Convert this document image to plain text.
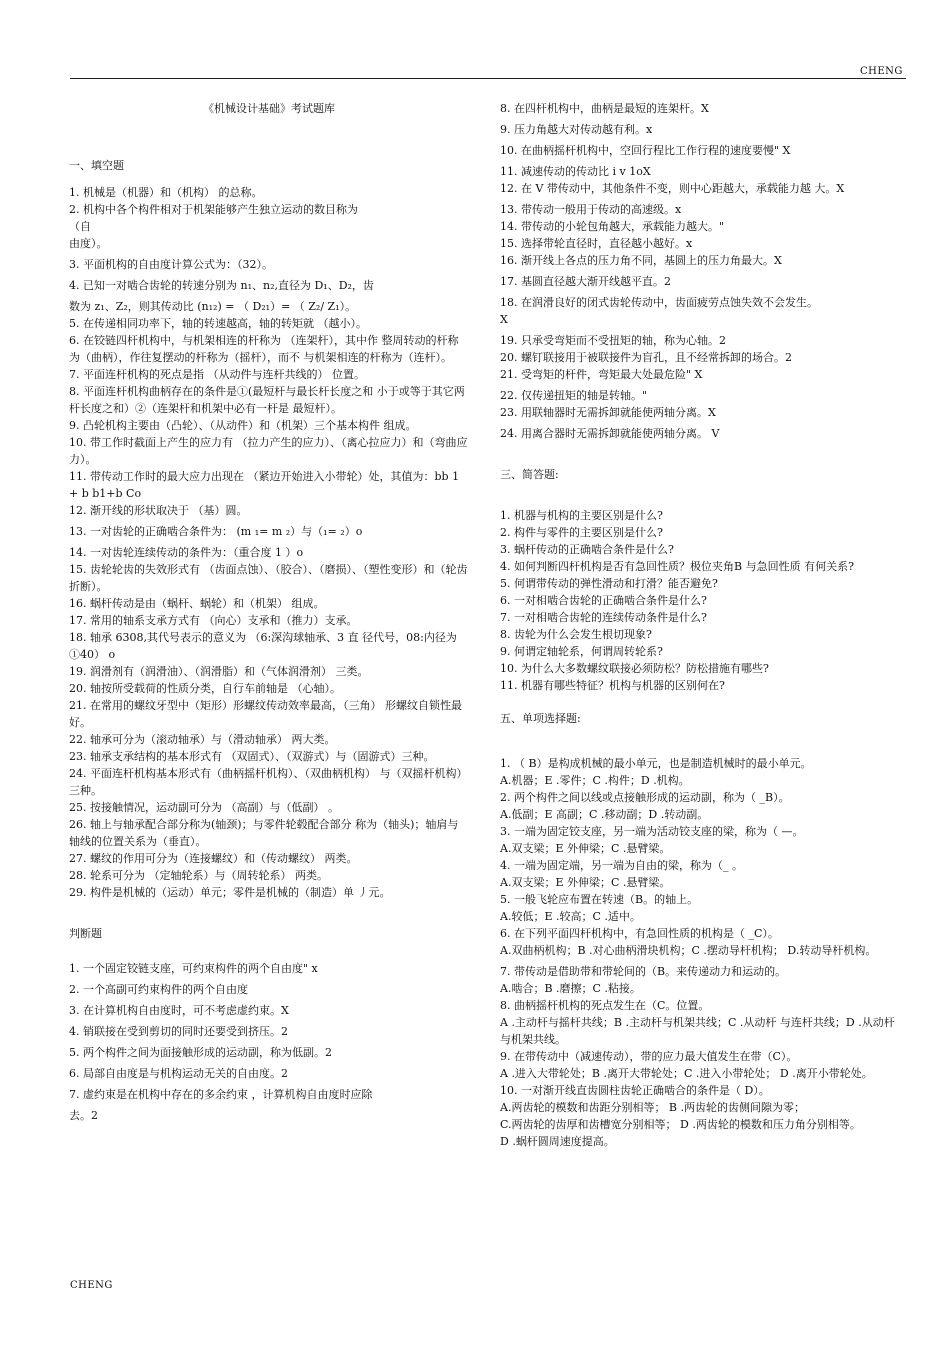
CHENG

《机械设计基础》考试题库

一、填空题

1. 机械是（机器）和（机构） 的总称。

2. 机构中各个构件相对于机架能够产生独立运动的数目称为

（自

由度）。

3. 平面机构的自由度计算公式为：（32）。

4. 已知一对啮合齿轮的转速分别为 n₁、n₂,直径为 D₁、D₂，齿

数为 z₁、Z₂，则其传动比 (n₁₂) = （ D₂₁）= （ Z₂/ Z₁）。

5. 在传递相同功率下，轴的转速越高，轴的转矩就 （越小）。

6. 在铰链四杆机构中，与机架相连的杆称为 （连架杆），其中作 整周转动的杆称为（曲柄），作往复摆动的杆称为（摇杆），而不 与机架相连的杆称为（连杆）。

7. 平面连杆机构的死点是指 （从动件与连杆共线的） 位置。

8. 平面连杆机构曲柄存在的条件是①(最短杆与最长杆长度之和 小于或等于其它两杆长度之和）②（连架杆和机架中必有一杆是 最短杆）。

9. 凸轮机构主要由（凸轮）、（从动件）和（机架）三个基本构件 组成。

10. 带工作时截面上产生的应力有 （拉力产生的应力）、（离心拉应力）和（弯曲应力）。

11. 带传动工作时的最大应力出现在 （紧边开始进入小带轮）处，其值为：bb 1 + b b1+b Co

12. 渐开线的形状取决于 （基）圆。

13. 一对齿轮的正确啮合条件为： (m ₁= m ₂）与（₁= ₂）o

14. 一对齿轮连续传动的条件为：（重合度 1 ）o

15. 齿轮轮齿的失效形式有 （齿面点蚀）、（胶合）、（磨损）、（塑性变形）和（轮齿折断）。

16. 蜗杆传动是由（蜗杆、蜗轮）和（机架） 组成。

17. 常用的轴系支承方式有 （向心）支承和（推力）支承。

18. 轴承 6308,其代号表示的意义为 （6:深沟球轴承、3 直 径代号，08:内径为 ①40） o

19. 润滑剂有（润滑油）、（润滑脂）和（气体润滑剂） 三类。

20. 轴按所受载荷的性质分类，自行车前轴是 （心轴）。

21. 在常用的螺纹牙型中（矩形）形螺纹传动效率最高，（三角） 形螺纹自锁性最好。

22. 轴承可分为（滚动轴承）与（滑动轴承） 两大类。

23. 轴承支承结构的基本形式有 （双固式）、（双游式）与（固游式）三种。

24. 平面连杆机构基本形式有（曲柄摇杆机构）、（双曲柄机构） 与（双摇杆机构）三种。

25. 按接触情况，运动副可分为 （高副）与（低副） 。

26. 轴上与轴承配合部分称为(轴颈)；与零件轮毂配合部分 称为（轴头)；轴肩与轴线的位置关系为（垂直）。

27. 螺纹的作用可分为（连接螺纹）和（传动螺纹） 两类。

28. 轮系可分为 （定轴轮系）与（周转轮系） 两类。

29. 构件是机械的（运动）单元；零件是机械的（制造）单 丿元。

判断题

1. 一个固定铰链支座，可约束构件的两个自由度" x

2. 一个高副可约束构件的两个自由度

3. 在计算机构自由度时，可不考虑虚约束。X

4. 销联接在受到剪切的同时还要受到挤压。2

5. 两个构件之间为面接触形成的运动副，称为低副。2

6. 局部自由度是与机构运动无关的自由度。2

7. 虚约束是在机构中存在的多余约束 ，计算机构自由度时应除

去。2

8. 在四杆机构中，曲柄是最短的连架杆。X

9. 压力角越大对传动越有利。x

10. 在曲柄摇杆机构中，空回行程比工作行程的速度要慢" X

11. 减速传动的传动比 i v 1oX

12. 在 V 带传动中，其他条件不变，则中心距越大，承载能力越 大。X

13. 带传动一般用于传动的高速级。x

14. 带传动的小轮包角越大，承载能力越大。"

15. 选择带轮直径时，直径越小越好。x

16. 渐开线上各点的压力角不同，基圆上的压力角最大。X

17. 基圆直径越大渐开线越平直。2

18. 在润滑良好的闭式齿轮传动中，齿面疲劳点蚀失效不会发生。

X

19. 只承受弯矩而不受扭矩的轴，称为心轴。2

20. 螺钉联接用于被联接件为盲孔，且不经常拆卸的场合。2

21. 受弯矩的杆件，弯矩最大处最危险" X

22. 仅传递扭矩的轴是转轴。"

23. 用联轴器时无需拆卸就能使两轴分离。X

24. 用离合器时无需拆卸就能使两轴分离。 V

三、简答题:

1. 机器与机构的主要区别是什么?

2. 构件与零件的主要区别是什么?

3. 蜗杆传动的正确啮合条件是什么?

4. 如何判断四杆机构是否有急回性质？极位夹角B 与急回性质 有何关系?

5. 何谓带传动的弹性滑动和打滑？能否避免?

6. 一对相啮合齿轮的正确啮合条件是什么?

7. 一对相啮合齿轮的连续传动条件是什么?

8. 齿轮为什么会发生根切现象?

9. 何谓定轴轮系，何谓周转轮系?

10. 为什么大多数螺纹联接必须防松？防松措施有哪些?

11. 机器有哪些特征？机构与机器的区别何在?

五、单项选择题:

1. （ B）是构成机械的最小单元，也是制造机械时的最小单元。

A.机器；E .零件；C .构件；D .机构。

2. 两个构件之间以线或点接触形成的运动副，称为（ _B）。

A.低副；E 高副；C .移动副；D .转动副。

3. 一端为固定铰支座，另一端为活动铰支座的梁，称为（ —。

A.双支梁；E 外伸梁；C .悬臂梁。

4. 一端为固定端，另一端为自由的梁，称为（_ 。

A.双支梁；E 外伸梁；C .悬臂梁。

5. 一般飞轮应布置在转速（B。的轴上。

A.较低；E .较高；C .适中。

6. 在下列平面四杆机构中，有急回性质的机构是（ _C）。

A.双曲柄机构；B .对心曲柄滑块机构；C .摆动导杆机构； D.转动导杆机构。

7. 带传动是借助带和带轮间的（B。来传递动力和运动的。

A.啮合；B .磨擦；C .粘接。

8. 曲柄摇杆机构的死点发生在（C。位置。

A .主动杆与摇杆共线；B .主动杆与机架共线；C .从动杆 与连杆共线；D .从动杆与机架共线。

9. 在带传动中（减速传动），带的应力最大值发生在带（C）。

A .进入大带轮处；B .离开大带轮处；C .进入小带轮处； D .离开小带轮处。

10. 一对渐开线直齿圆柱齿轮正确啮合的条件是（ D）。

A.两齿轮的模数和齿距分别相等； B .两齿轮的齿侧间隙为零；

C.两齿轮的齿厚和齿槽宽分别相等； D .两齿轮的模数和压力角分别相等。

D .蜗杆圆周速度提高。

CHENG
